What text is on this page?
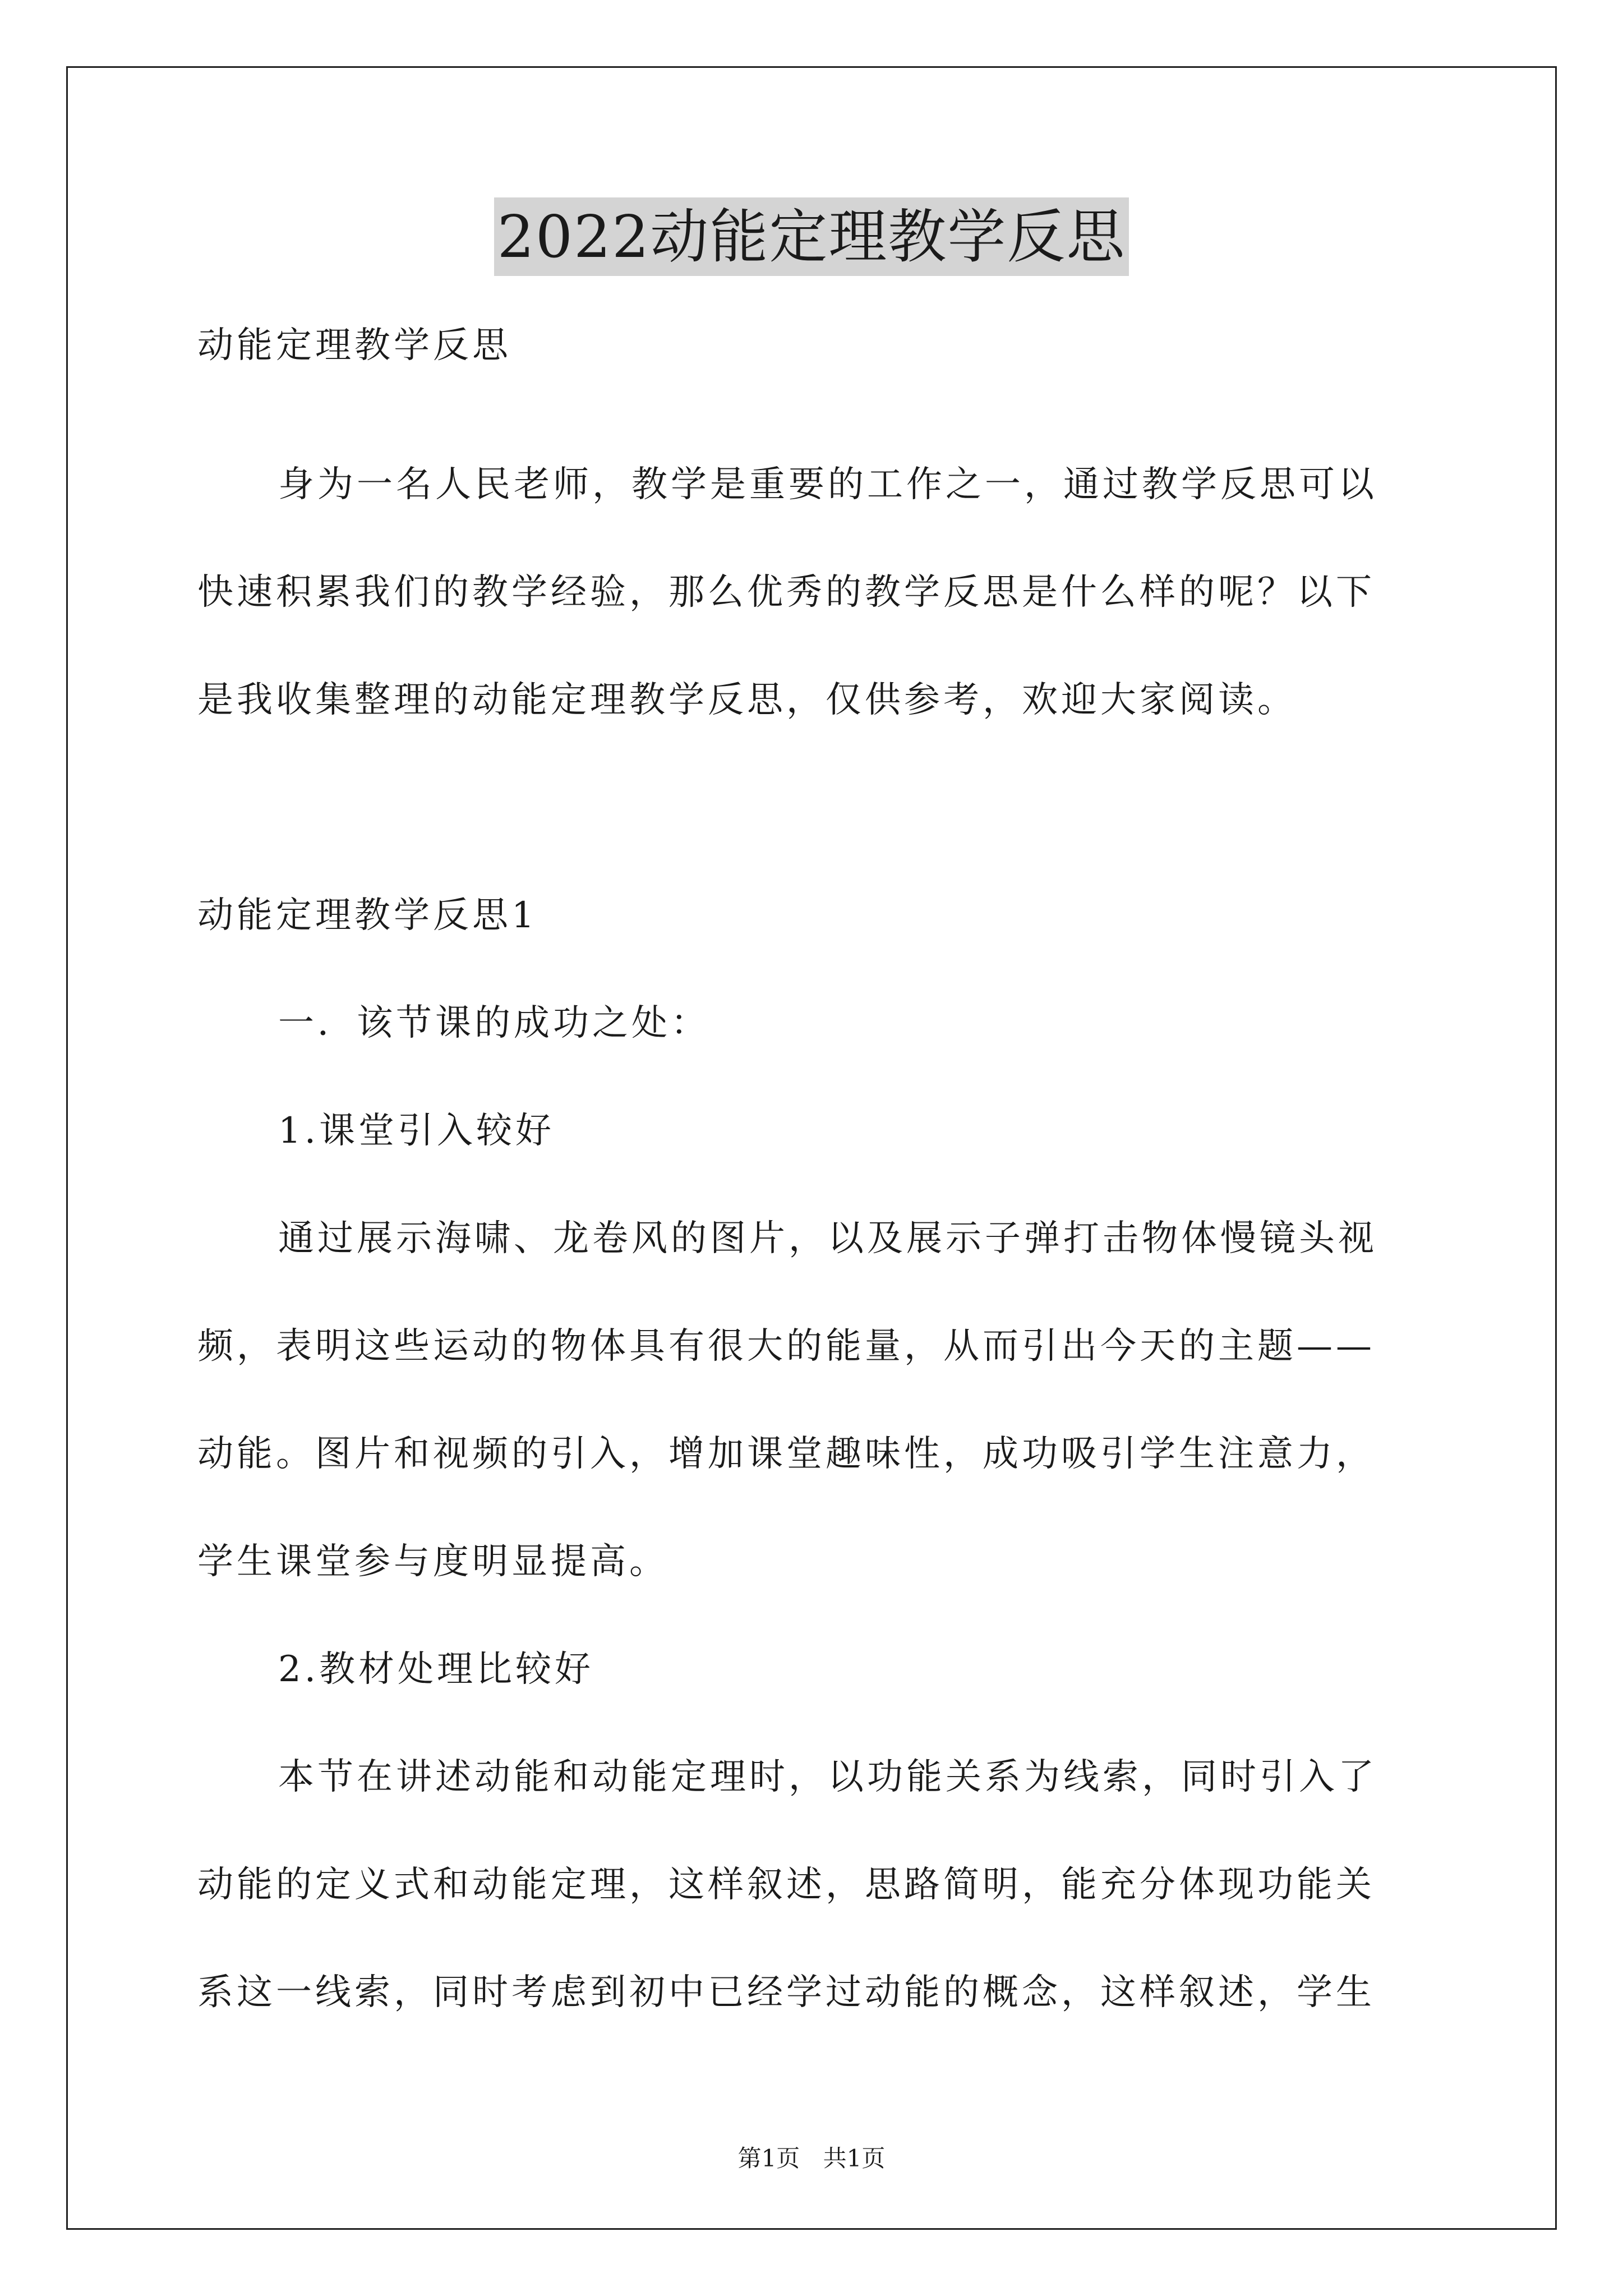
2022动能定理教学反思
动能定理教学反思
身为一名人民老师，教学是重要的工作之一，通过教学反思可以
快速积累我们的教学经验，那么优秀的教学反思是什么样的呢？以下
是我收集整理的动能定理教学反思，仅供参考，欢迎大家阅读。
动能定理教学反思1
一．该节课的成功之处：
1.课堂引入较好
通过展示海啸、龙卷风的图片，以及展示子弹打击物体慢镜头视
频，表明这些运动的物体具有很大的能量，从而引出今天的主题——
动能。图片和视频的引入，增加课堂趣味性，成功吸引学生注意力，
学生课堂参与度明显提高。
2.教材处理比较好
本节在讲述动能和动能定理时，以功能关系为线索，同时引入了
动能的定义式和动能定理，这样叙述，思路简明，能充分体现功能关
系这一线索，同时考虑到初中已经学过动能的概念，这样叙述，学生
第1页 共1页
